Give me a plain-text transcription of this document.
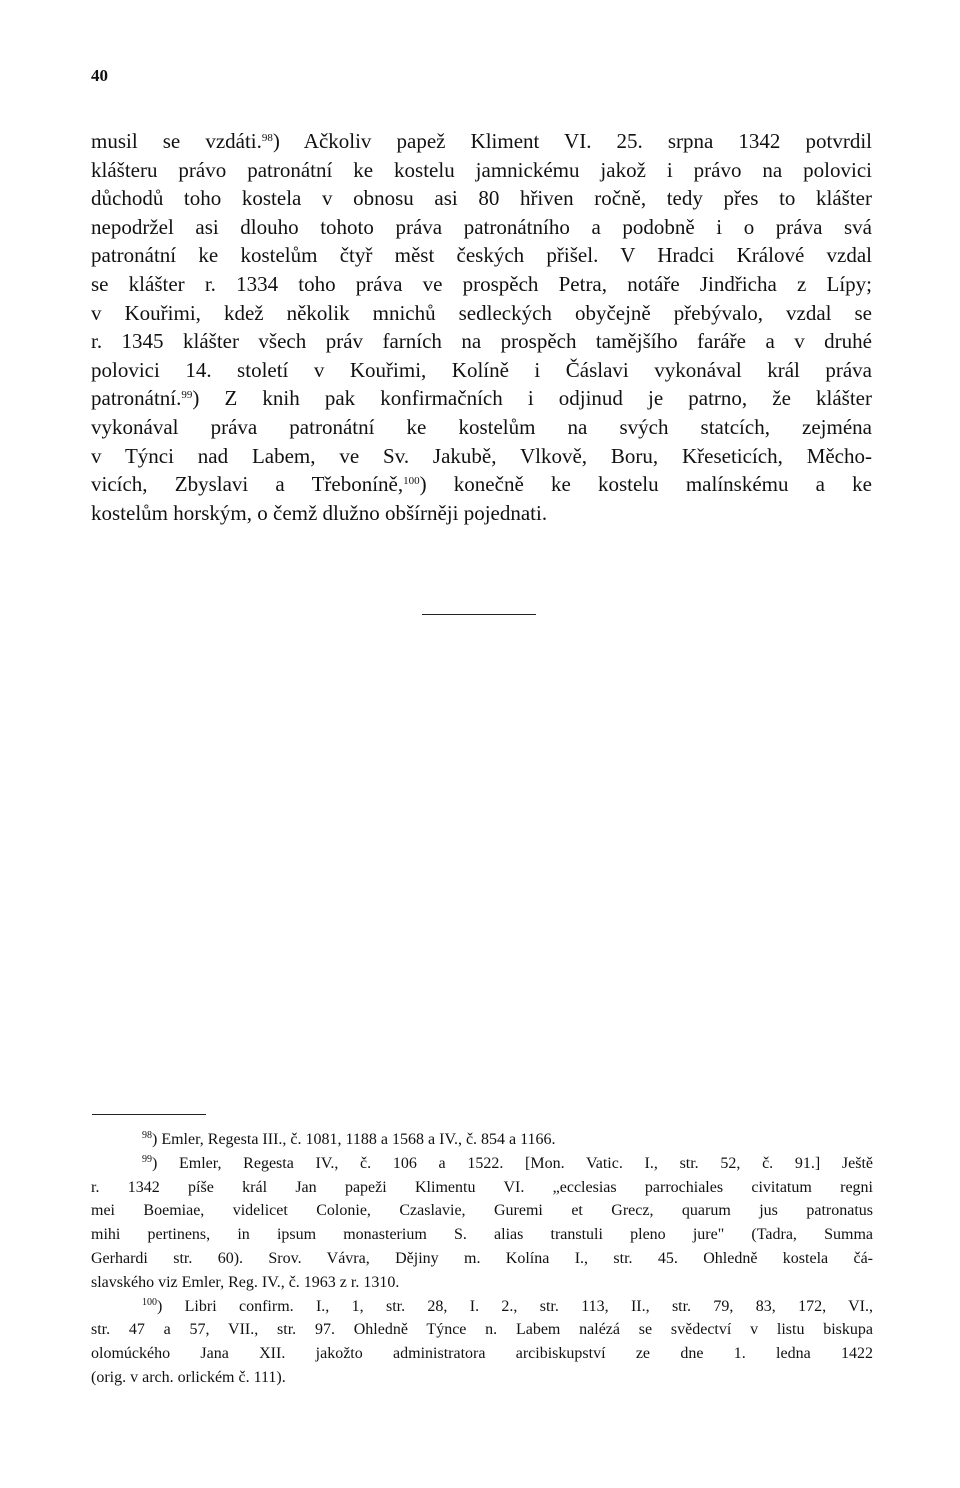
40
musil se vzdáti.$^{98}$) Ačkoliv papež Kliment VI. 25. srpna 1342 potvrdil
klášteru právo patronátní ke kostelu jamnickému jakož i právo na polovici
důchodů toho kostela v obnosu asi 80 hřiven ročně, tedy přes to klášter
nepodržel asi dlouho tohoto práva patronátního a podobně i o práva svá
patronátní ke kostelům čtyř měst českých přišel. V Hradci Králové vzdal
se klášter r. 1334 toho práva ve prospěch Petra, notáře Jindřicha z Lípy;
v Kouřimi, kdež několik mnichů sedleckých obyčejně přebývalo, vzdal se
r. 1345 klášter všech práv farních na prospěch tamějšího faráře a v druhé
polovici 14. století v Kouřimi, Kolíně i Čáslavi vykonával král práva
patronátní.$^{99}$) Z knih pak konfirmačních i odjinud je patrno, že klášter
vykonával práva patronátní ke kostelům na svých statcích, zejména
v Týnci nad Labem, ve Sv. Jakubě, Vlkově, Boru, Křeseticích, Měcho-
vicích, Zbyslavi a Třeboníně,$^{100}$) konečně ke kostelu malínskému a ke
kostelům horským, o čemž dlužno obšírněji pojednati.
$^{98}$) Emler, Regesta III., č. 1081, 1188 a 1568 a IV., č. 854 a 1166.
$^{99}$) Emler, Regesta IV., č. 106 a 1522. [Mon. Vatic. I., str. 52, č. 91.] Ještě
r. 1342 píše král Jan papeži Klimentu VI. „ecclesias parrochiales civitatum regni
mei Boemiae, videlicet Colonie, Czaslavie, Guremi et Grecz, quarum jus patronatus
mihi pertinens, in ipsum monasterium S. alias transtuli pleno jure" (Tadra, Summa
Gerhardi str. 60). Srov. Vávra, Dějiny m. Kolína I., str. 45. Ohledně kostela čá-
slavského viz Emler, Reg. IV., č. 1963 z r. 1310.
$^{100}$) Libri confirm. I., 1, str. 28, I. 2., str. 113, II., str. 79, 83, 172, VI.,
str. 47 a 57, VII., str. 97. Ohledně Týnce n. Labem nalézá se svědectví v listu biskupa
olomúckého Jana XII. jakožto administratora arcibiskupství ze dne 1. ledna 1422
(orig. v arch. orlickém č. 111).
